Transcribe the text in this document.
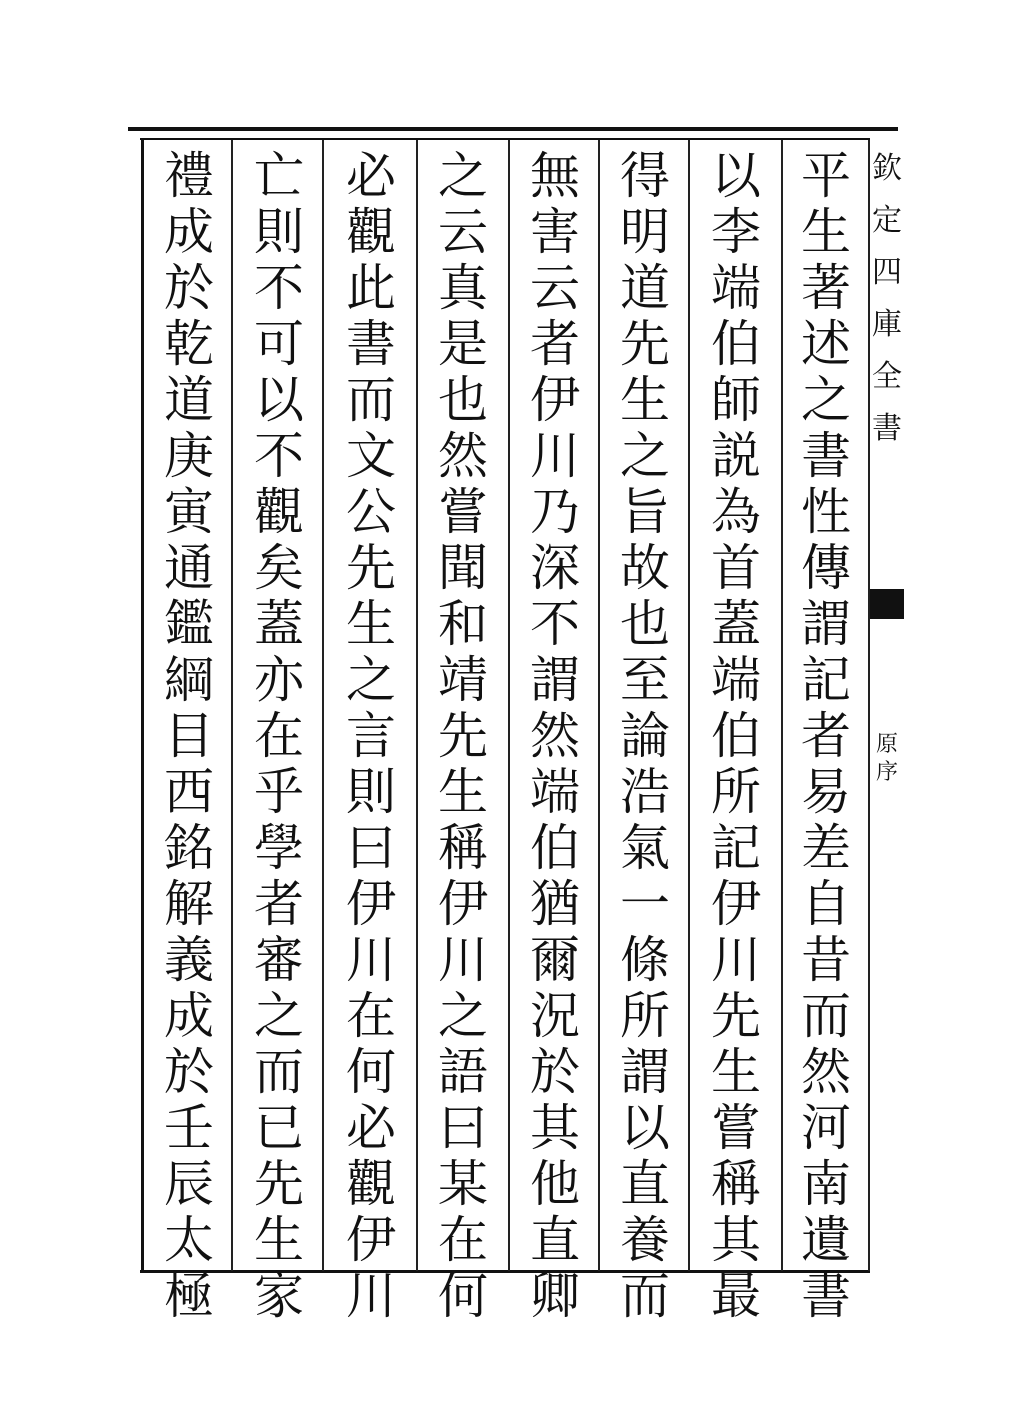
欽
定
四
庫
全
書
原
序
平
生
著
述
之
書
性
傳
謂
記
者
易
差
自
昔
而
然
河
南
遺
書
以
李
端
伯
師
説
為
首
蓋
端
伯
所
記
伊
川
先
生
嘗
稱
其
最
得
明
道
先
生
之
旨
故
也
至
論
浩
氣
一
條
所
謂
以
直
養
而
無
害
云
者
伊
川
乃
深
不
謂
然
端
伯
猶
爾
況
於
其
他
直
卿
之
云
真
是
也
然
嘗
聞
和
靖
先
生
稱
伊
川
之
語
曰
某
在
何
必
觀
此
書
而
文
公
先
生
之
言
則
曰
伊
川
在
何
必
觀
伊
川
亡
則
不
可
以
不
觀
矣
蓋
亦
在
乎
學
者
審
之
而
已
先
生
家
禮
成
於
乾
道
庚
寅
通
鑑
綱
目
西
銘
解
義
成
於
壬
辰
太
極
